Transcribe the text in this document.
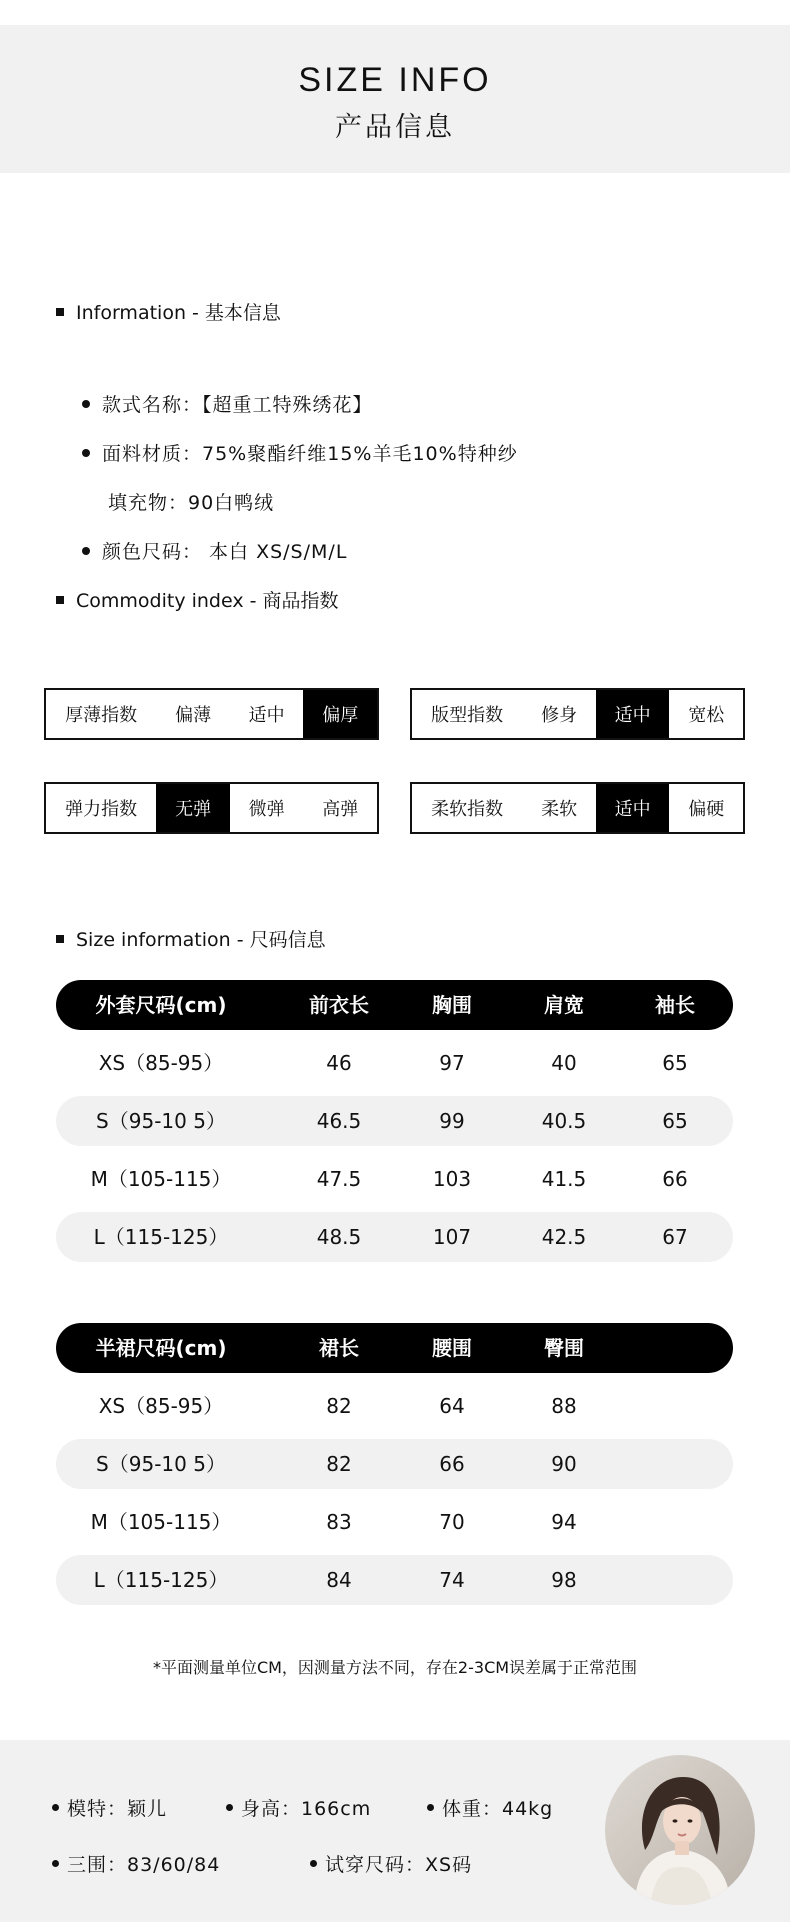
SIZE INFO
产品信息
Information - 基本信息
款式名称：【超重工特殊绣花】
面料材质：75%聚酯纤维15%羊毛10%特种纱
填充物：90白鸭绒
颜色尺码： 本白 XS/S/M/L
Commodity index - 商品指数
厚薄指数	偏薄	适中	偏厚	版型指数	修身	适中	宽松
弹力指数	无弹	微弹	高弹	柔软指数	柔软	适中	偏硬
Size information - 尺码信息
外套尺码(cm)	前衣长	胸围	肩宽	袖长
XS（85-95）	46	97	40	65
S（95-10 5）	46.5	99	40.5	65
M（105-115）	47.5	103	41.5	66
L（115-125）	48.5	107	42.5	67
半裙尺码(cm)	裙长	腰围	臀围
XS（85-95）	82	64	88
S（95-10 5）	82	66	90
M（105-115）	83	70	94
L（115-125）	84	74	98
*平面测量单位CM，因测量方法不同，存在2-3CM误差属于正常范围
模特：颖儿	身高：166cm	体重：44kg
三围：83/60/84	试穿尺码：XS码
